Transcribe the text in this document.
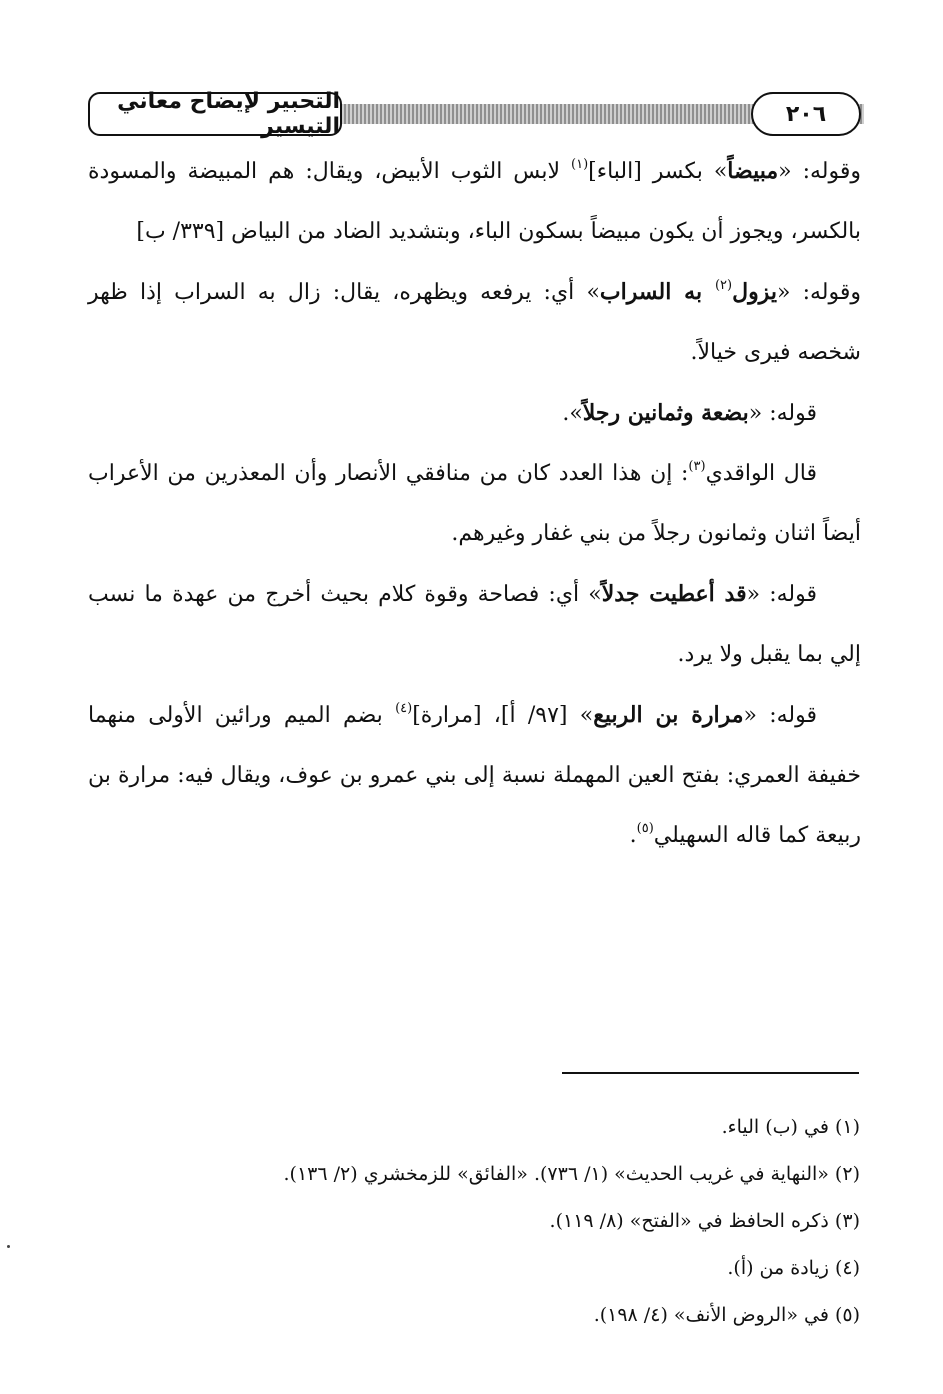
التحبير لإيضاح معاني التيسير	٢٠٦

وقوله: «مبيضاً» بكسر [الباء]$^{(١)}$ لابس الثوب الأبيض، ويقال: هم المبيضة والمسودة بالكسر، ويجوز أن يكون مبيضاً بسكون الباء، وبتشديد الضاد من البياض [٣٣٩/ ب]

وقوله: «يزول$^{(٢)}$ به السراب» أي: يرفعه ويظهره، يقال: زال به السراب إذا ظهر شخصه فيرى خيالاً.

قوله: «بضعة وثمانين رجلاً».

قال الواقدي$^{(٣)}$: إن هذا العدد كان من منافقي الأنصار وأن المعذرين من الأعراب أيضاً اثنان وثمانون رجلاً من بني غفار وغيرهم.

قوله: «قد أعطيت جدلاً» أي: فصاحة وقوة كلام بحيث أخرج من عهدة ما نسب إلي بما يقبل ولا يرد.

قوله: «مرارة بن الربيع» [٩٧/ أ]، [مرارة]$^{(٤)}$ بضم الميم ورائين الأولى منهما خفيفة العمري: بفتح العين المهملة نسبة إلى بني عمرو بن عوف، ويقال فيه: مرارة بن ربيعة كما قاله السهيلي$^{(٥)}$.

(١) في (ب) الياء.
(٢) «النهاية في غريب الحديث» (١/ ٧٣٦). «الفائق» للزمخشري (٢/ ١٣٦).
(٣) ذكره الحافظ في «الفتح» (٨/ ١١٩).
(٤) زيادة من (أ).
(٥) في «الروض الأنف» (٤/ ١٩٨).
